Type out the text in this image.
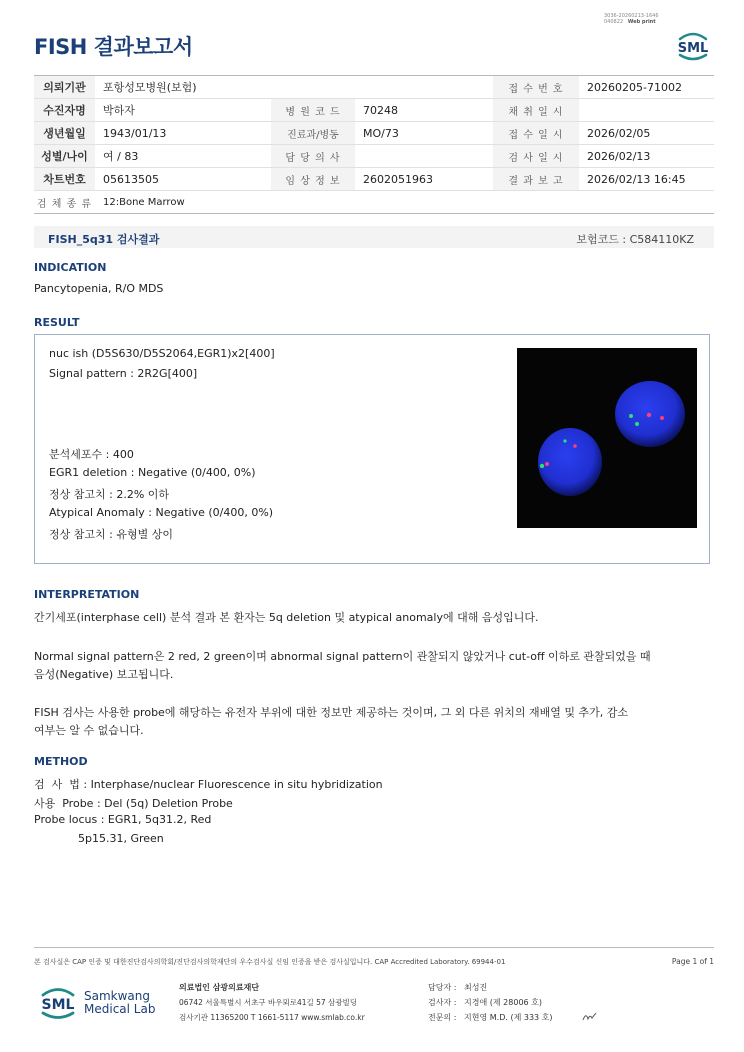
FISH 결과보고서
3036-20260213-1646
040822 Web print
SML
의뢰기관	포항성모병원(보험)			접 수 번 호	20260205-71002
수진자명	박하자	병 원 코 드	70248	채 취 일 시	
생년월일	1943/01/13	진료과/병동	MO/73	접 수 일 시	2026/02/05
성별/나이	여 / 83	담 당 의 사		검 사 일 시	2026/02/13
차트번호	05613505	임 상 정 보	2602051963	결 과 보 고	2026/02/13 16:45
검 체 종 류	12:Bone Marrow				
FISH_5q31 검사결과	보험코드 : C584110KZ
INDICATION
Pancytopenia, R/O MDS
RESULT
nuc ish (D5S630/D5S2064,EGR1)x2[400]
Signal pattern : 2R2G[400]
분석세포수 : 400
EGR1 deletion : Negative (0/400, 0%)
정상 참고치 : 2.2% 이하
Atypical Anomaly : Negative (0/400, 0%)
정상 참고치 : 유형별 상이
INTERPRETATION
간기세포(interphase cell) 분석 결과 본 환자는 5q deletion 및 atypical anomaly에 대해 음성입니다.
Normal signal pattern은 2 red, 2 green이며 abnormal signal pattern이 관찰되지 않았거나 cut-off 이하로 관찰되었을 때
음성(Negative) 보고됩니다.
FISH 검사는 사용한 probe에 해당하는 유전자 부위에 대한 정보만 제공하는 것이며, 그 외 다른 위치의 재배열 및 추가, 감소
여부는 알 수 없습니다.
METHOD
검  사  법 : Interphase/nuclear Fluorescence in situ hybridization
사용  Probe : Del (5q) Deletion Probe
Probe locus : EGR1, 5q31.2, Red
5p15.31, Green
본 검사실은 CAP 인증 및 대한진단검사의학회/진단검사의학재단의 우수검사실 신임 인증을 받은 검사실입니다. CAP Accredited Laboratory. 69944-01	Page 1 of 1
SML
Samkwang
Medical Lab
의료법인 삼광의료재단
06742 서울특별시 서초구 바우뫼로41길 57 삼광빌딩
검사기관 11365200 T 1661-5117 www.smlab.co.kr
담당자 :   최성진
검사자 :   지경애 (제 28006 호)
전문의 :   지현영 M.D. (제 333 호)
